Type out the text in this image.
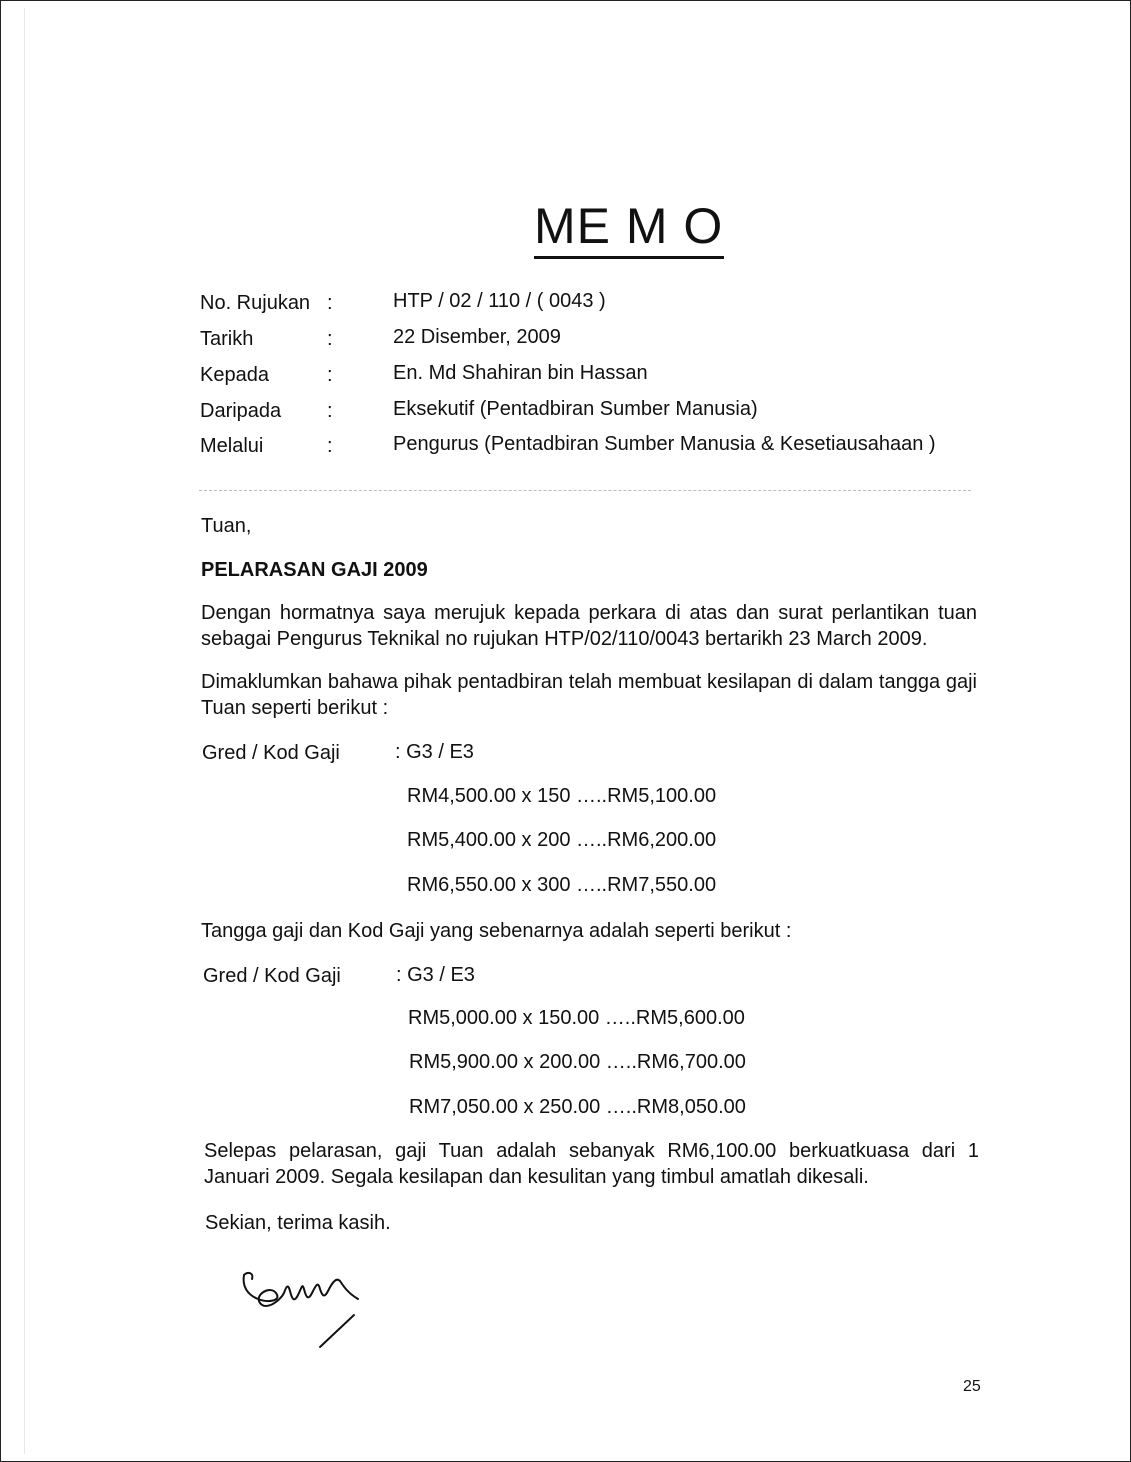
ME M O
No. Rujukan :	HTP / 02 / 110 / ( 0043 )
Tarikh	:	22 Disember, 2009
Kepada	:	En. Md Shahiran bin Hassan
Daripada :	Eksekutif (Pentadbiran Sumber Manusia)
Melalui	:	Pengurus (Pentadbiran Sumber Manusia & Kesetiausahaan )
Tuan,
PELARASAN GAJI 2009

Dengan hormatnya saya merujuk kepada perkara di atas dan surat perlantikan tuan sebagai Pengurus Teknikal no rujukan HTP/02/110/0043 bertarikh 23 March 2009.

Dimaklumkan bahawa pihak pentadbiran telah membuat kesilapan di dalam tangga gaji Tuan seperti berikut :

Gred / Kod Gaji	: G3 / E3
RM4,500.00 x 150 …..RM5,100.00
RM5,400.00 x 200 …..RM6,200.00
RM6,550.00 x 300 …..RM7,550.00

Tangga gaji dan Kod Gaji yang sebenarnya adalah seperti berikut :

Gred / Kod Gaji	: G3 / E3
RM5,000.00 x 150.00 …..RM5,600.00
RM5,900.00 x 200.00 …..RM6,700.00
RM7,050.00 x 250.00 …..RM8,050.00

Selepas pelarasan, gaji Tuan adalah sebanyak RM6,100.00 berkuatkuasa dari 1 Januari 2009. Segala kesilapan dan kesulitan yang timbul amatlah dikesali.

Sekian, terima kasih.
25
